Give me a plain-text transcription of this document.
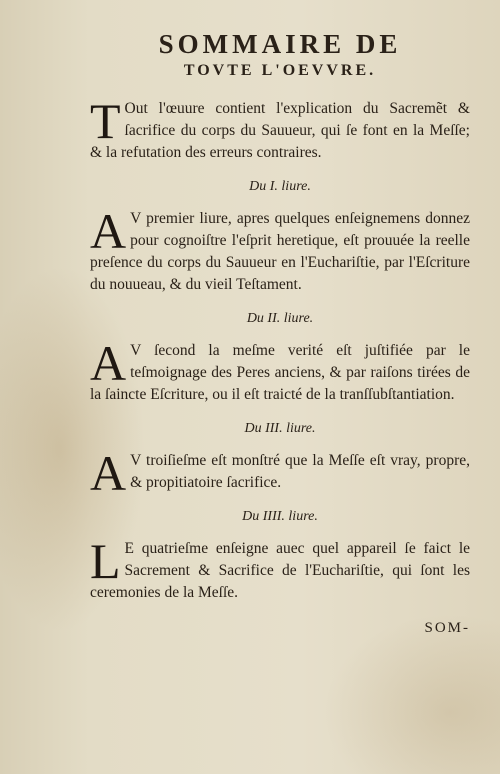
SOMMAIRE DE
TOVTE L'OEVVRE.

T Out l'œuure contient l'explication du Sacremẽt & ſacrifice du corps du Sauueur, qui ſe font en la Meſſe; & la refutation des erreurs contraires.

Du I. liure.

A V premier liure, apres quelques enſeignemens donnez pour cognoiſtre l'eſprit heretique, eſt prouuée la reelle preſence du corps du Sauueur en l'Euchariſtie, par l'Eſcriture du nouueau, & du vieil Teſtament.

Du II. liure.

A V ſecond la meſme verité eſt juſtifiée par le teſmoignage des Peres anciens, & par raiſons tirées de la ſaincte Eſcriture, ou il eſt traicté de la tranſſubſtantiation.

Du III. liure.

A V troiſieſme eſt monſtré que la Meſſe eſt vray, propre, & propitiatoire ſacrifice.

Du IIII. liure.

L E quatrieſme enſeigne auec quel appareil ſe faict le Sacrement & Sacrifice de l'Euchariſtie, qui ſont les ceremonies de la Meſſe.

SOM-
